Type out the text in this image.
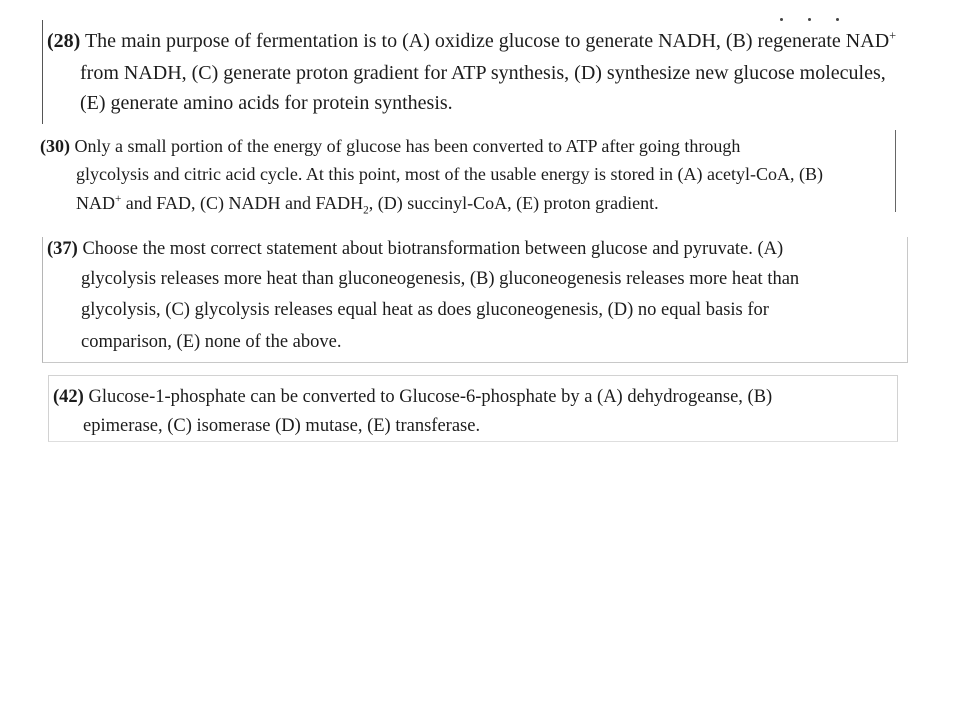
(28) The main purpose of fermentation is to (A) oxidize glucose to generate NADH, (B) regenerate NAD+
from NADH, (C) generate proton gradient for ATP synthesis, (D) synthesize new glucose molecules,
(E) generate amino acids for protein synthesis.
(30) Only a small portion of the energy of glucose has been converted to ATP after going through
glycolysis and citric acid cycle. At this point, most of the usable energy is stored in (A) acetyl-CoA, (B)
NAD+ and FAD, (C) NADH and $FADH_2$, (D) succinyl-CoA, (E) proton gradient.
(37) Choose the most correct statement about biotransformation between glucose and pyruvate. (A)
glycolysis releases more heat than gluconeogenesis, (B) gluconeogenesis releases more heat than
glycolysis, (C) glycolysis releases equal heat as does gluconeogenesis, (D) no equal basis for
comparison, (E) none of the above.
(42) Glucose-1-phosphate can be converted to Glucose-6-phosphate by a (A) dehydrogeanse, (B)
epimerase, (C) isomerase (D) mutase, (E) transferase.
